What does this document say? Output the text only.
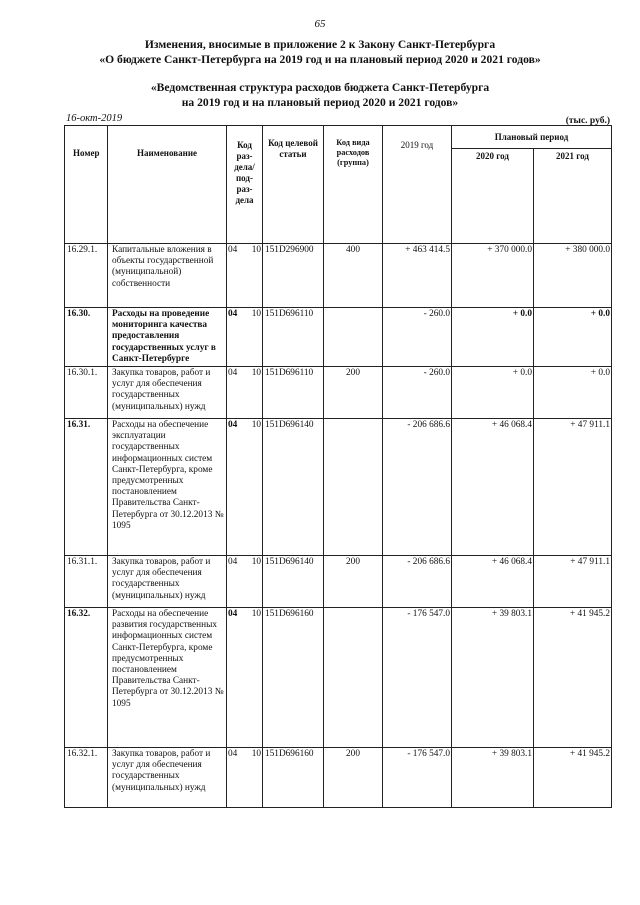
65
Изменения, вносимые в приложение 2 к Закону Санкт-Петербурга
«О бюджете Санкт-Петербурга на 2019 год и на плановый период 2020 и 2021 годов»
«Ведомственная структура расходов бюджета Санкт-Петербурга
на 2019 год и на плановый период 2020 и 2021 годов»
16-окт-2019	(тыс. руб.)
Номер	Наименование	Код раз- дела/ под- раз- дела	Код целевой статьи	Код вида расходов (группа)	2019 год	Плановый период	
						2020 год	2021 год
16.29.1.	Капитальные вложения в объекты государственной (муниципальной) собственности	04 10	151D296900	400	+ 463 414.5	+ 370 000.0	+ 380 000.0
16.30.	Расходы на проведение мониторинга качества предоставления государственных услуг в Санкт-Петербурге	04 10	151D696110		- 260.0	+ 0.0	+ 0.0
16.30.1.	Закупка товаров, работ и услуг для обеспечения государственных (муниципальных) нужд	04 10	151D696110	200	- 260.0	+ 0.0	+ 0.0
16.31.	Расходы на обеспечение эксплуатации государственных информационных систем Санкт-Петербурга, кроме предусмотренных постановлением Правительства Санкт-Петербурга от 30.12.2013 № 1095	04 10	151D696140		- 206 686.6	+ 46 068.4	+ 47 911.1
16.31.1.	Закупка товаров, работ и услуг для обеспечения государственных (муниципальных) нужд	04 10	151D696140	200	- 206 686.6	+ 46 068.4	+ 47 911.1
16.32.	Расходы на обеспечение развития государственных информационных систем Санкт-Петербурга, кроме предусмотренных постановлением Правительства Санкт-Петербурга от 30.12.2013 № 1095	04 10	151D696160		- 176 547.0	+ 39 803.1	+ 41 945.2
16.32.1.	Закупка товаров, работ и услуг для обеспечения государственных (муниципальных) нужд	04 10	151D696160	200	- 176 547.0	+ 39 803.1	+ 41 945.2
